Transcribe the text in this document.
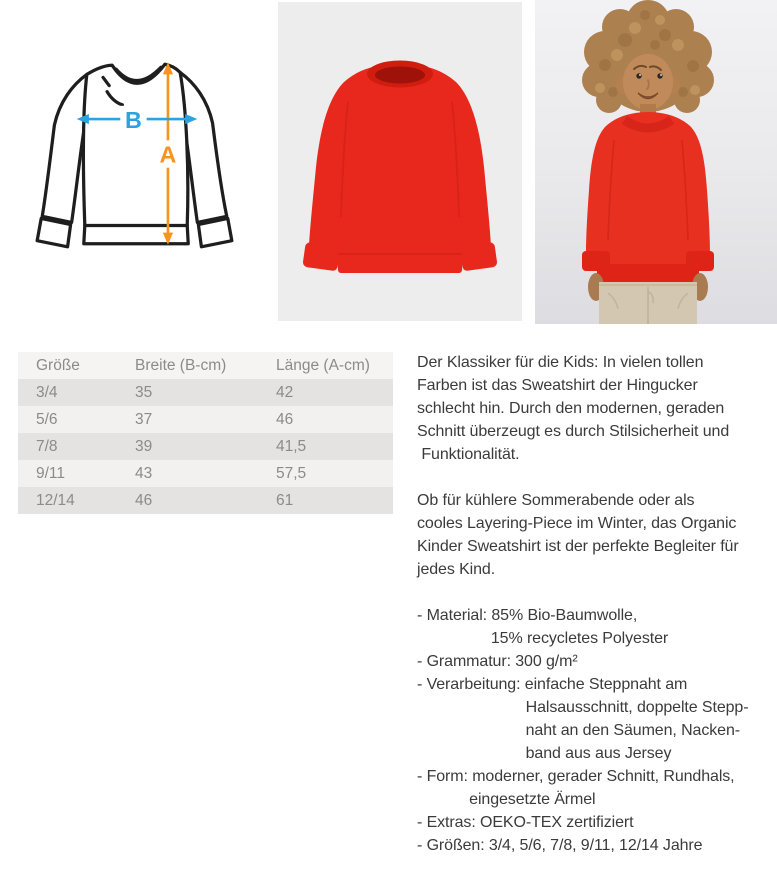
A
B
Größe	Breite (B-cm)	Länge (A-cm)
3/4	35	42
5/6	37	46
7/8	39	41,5
9/11	43	57,5
12/14	46	61
Der Klassiker für die Kids: In vielen tollen
Farben ist das Sweatshirt der Hingucker
schlecht hin. Durch den modernen, geraden
Schnitt überzeugt es durch Stilsicherheit und
Funktionalität.
Ob für kühlere Sommerabende oder als
cooles Layering-Piece im Winter, das Organic
Kinder Sweatshirt ist der perfekte Begleiter für
jedes Kind.
- Material: 85% Bio-Baumwolle,
15% recycletes Polyester
- Grammatur: 300 g/m²
- Verarbeitung: einfache Steppnaht am
Halsausschnitt, doppelte Stepp-
naht an den Säumen, Nacken-
band aus aus Jersey
- Form: moderner, gerader Schnitt, Rundhals,
eingesetzte Ärmel
- Extras: OEKO-TEX zertifiziert
- Größen: 3/4, 5/6, 7/8, 9/11, 12/14 Jahre
